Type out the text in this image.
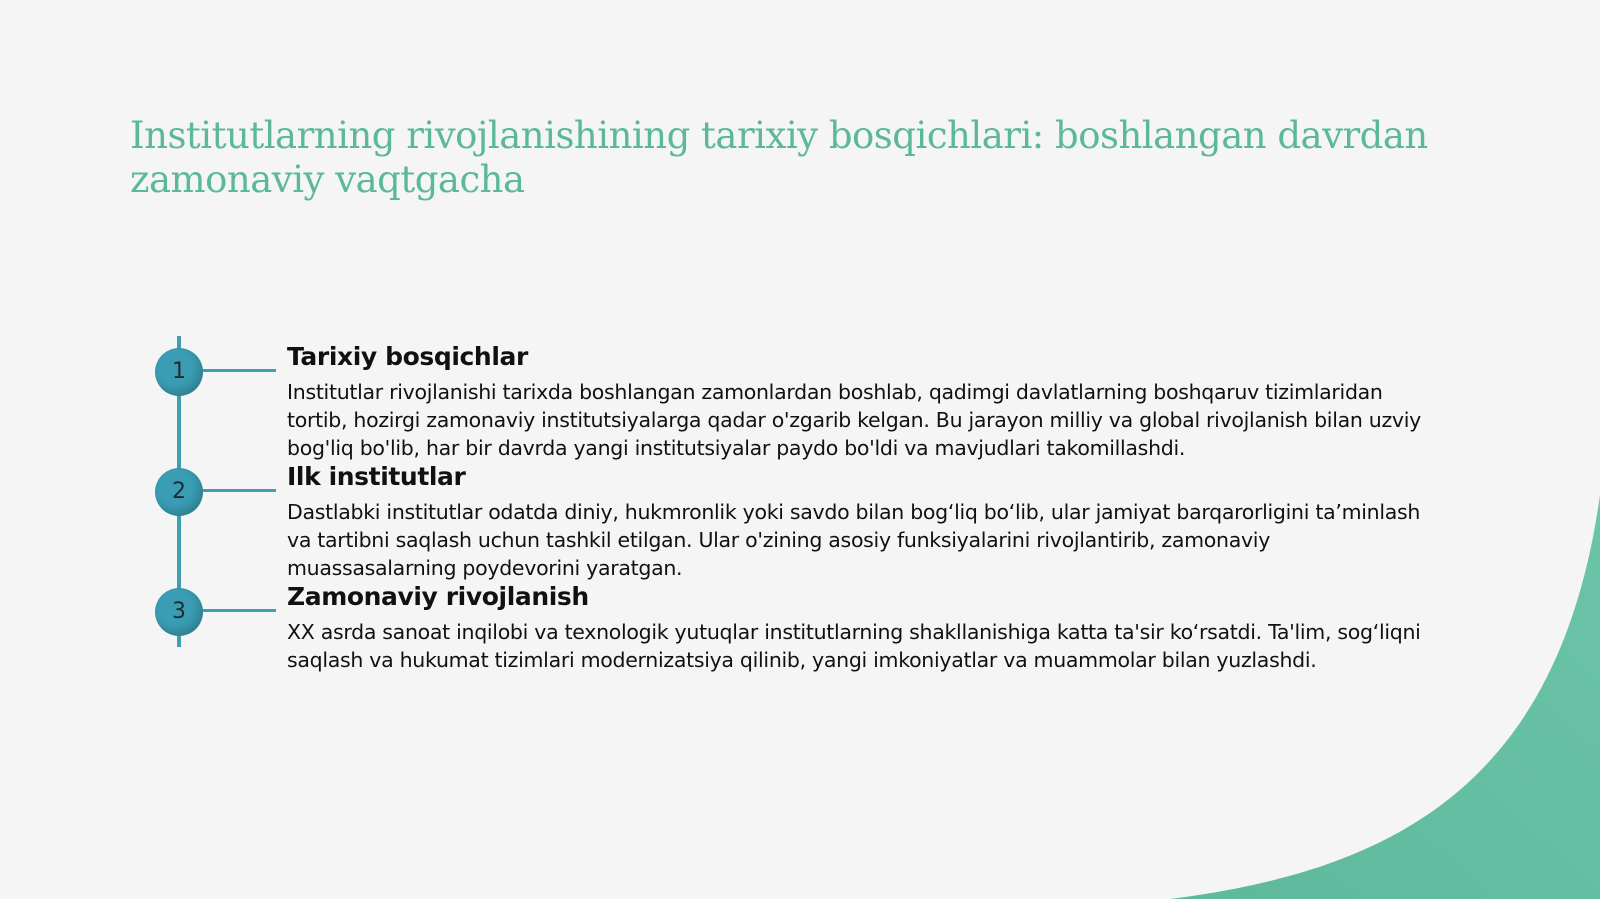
Institutlarning rivojlanishining tarixiy bosqichlari: boshlangan davrdan zamonaviy vaqtgacha
1
Tarixiy bosqichlar

Institutlar rivojlanishi tarixda boshlangan zamonlardan boshlab, qadimgi davlatlarning boshqaruv tizimlaridan tortib, hozirgi zamonaviy institutsiyalarga qadar o'zgarib kelgan. Bu jarayon milliy va global rivojlanish bilan uzviy bog'liq bo'lib, har bir davrda yangi institutsiyalar paydo bo'ldi va mavjudlari takomillashdi.

2
Ilk institutlar

Dastlabki institutlar odatda diniy, hukmronlik yoki savdo bilan bog‘liq bo‘lib, ular jamiyat barqarorligini ta’minlash va tartibni saqlash uchun tashkil etilgan. Ular o'zining asosiy funksiyalarini rivojlantirib, zamonaviy muassasalarning poydevorini yaratgan.

3
Zamonaviy rivojlanish

XX asrda sanoat inqilobi va texnologik yutuqlar institutlarning shakllanishiga katta ta'sir ko‘rsatdi. Ta'lim, sog‘liqni saqlash va hukumat tizimlari modernizatsiya qilinib, yangi imkoniyatlar va muammolar bilan yuzlashdi.
